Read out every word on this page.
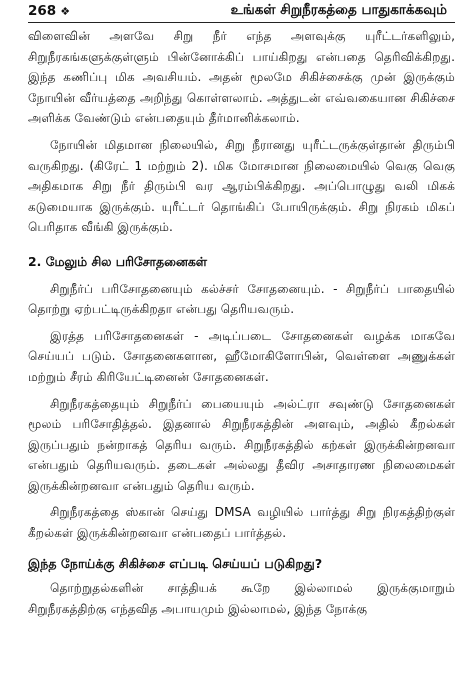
268 ❖	உங்கள் சிறுநீரகத்தை பாதுகாக்கவும்

விளைவின் அளவே சிறு நீர் எந்த அளவுக்கு யுரீட்டர்களிலும், சிறுநீரகங்களுக்குள்ளும் பின்னோக்கிப் பாய்கிறது என்பதை தெரிவிக்கிறது. இந்த கணிப்பு மிக அவசியம். அதன் மூலமே சிகிச்சைக்கு முன் இருக்கும் நோயின் வீர்யத்தை அறிந்து கொள்ளலாம். அத்துடன் எவ்வகையான சிகிச்சை அளிக்க வேண்டும் என்பதையும் தீர்மானிக்கலாம்.

நோயின் மிதமான நிலையில், சிறு நீரானது யுரீட்டருக்குள்தான் திரும்பி வருகிறது. (கிரேட் 1 மற்றும் 2). மிக மோசமான நிலைமையில் வெகு வெகு அதிகமாக சிறு நீர் திரும்பி வர ஆரம்பிக்கிறது. அப்பொழுது வலி மிகக் கடுமையாக இருக்கும். யுரீட்டர் தொங்கிப் போயிருக்கும். சிறு நிரகம் மிகப் பெரிதாக வீங்கி இருக்கும்.

2. மேலும் சில பரிசோதனைகள்

சிறுநீர்ப் பரிசோதனையும் கல்ச்சர் சோதனையும். - சிறுநீர்ப் பாதையில் தொற்று ஏற்பட்டிருக்கிறதா என்பது தெரியவரும்.

இரத்த பரிசோதனைகள் - அடிப்படை சோதனைகள் வழக்க மாகவே செய்யப் படும். சோதனைகளான, ஹீமோகிளோபின், வெள்ளை அணுக்கள் மற்றும் சீரம் கிரியேட்டினைன் சோதனைகள்.

சிறுநீரகத்தையும் சிறுநீர்ப் பையையும் அல்ட்ரா சவுண்டு சோதனைகள் மூலம் பரிசோதித்தல். இதனால் சிறுநீரகத்தின் அளவும், அதில் கீறல்கள் இருப்பதும் நன்றாகத் தெரிய வரும். சிறுநீரகத்தில் கற்கள் இருக்கின்றனவா என்பதும் தெரியவரும். தடைகள் அல்லது தீவிர அசாதாரண நிலைமைகள் இருக்கின்றனவா என்பதும் தெரிய வரும்.

சிறுநீரகத்தை ஸ்கான் செய்து DMSA வழியில் பார்த்து சிறு நிரகத்திற்குள் கீறல்கள் இருக்கின்றனவா என்பதைப் பார்த்தல்.

இந்த நோய்க்கு சிகிச்சை எப்படி செய்யப் படுகிறது?

தொற்றுதல்களின் சாத்தியக் கூறே இல்லாமல் இருக்குமாறும் சிறுநீரகத்திற்கு எந்தவித அபாயமும் இல்லாமல், இந்த நோக்கு
